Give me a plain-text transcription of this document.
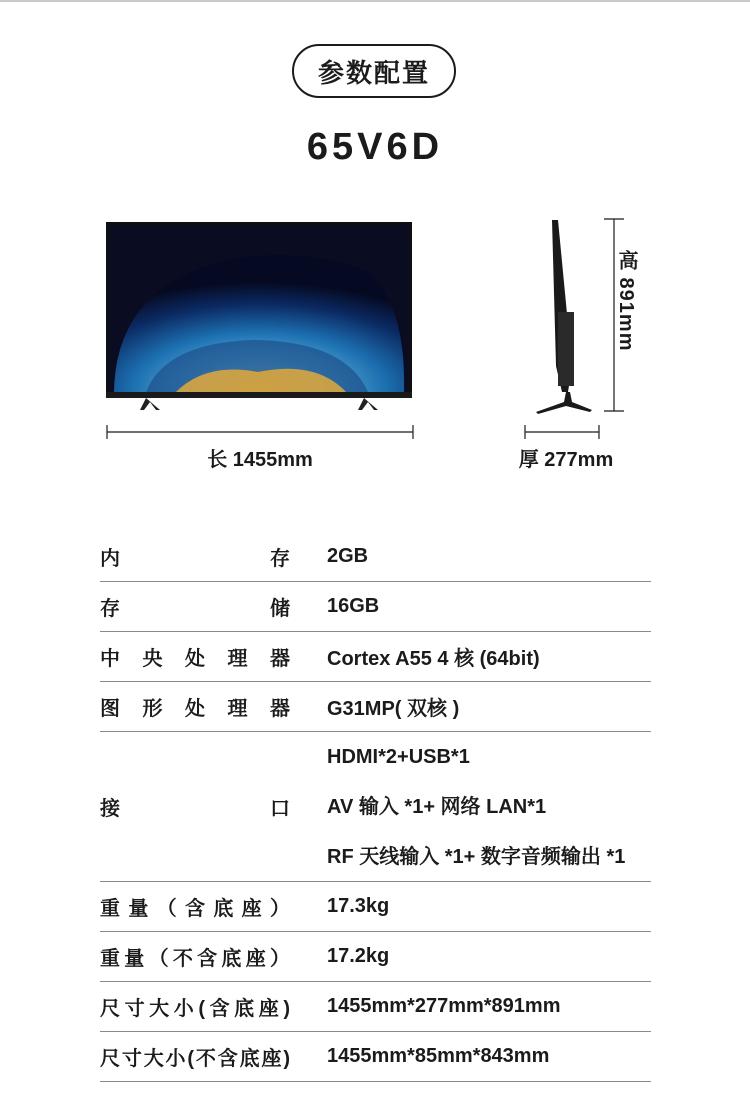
参数配置
65V6D
高 891mm
长 1455mm	厚 277mm
内存 2GB
存储 16GB
中央处理器 Cortex A55 4 核 (64bit)
图形处理器 G31MP( 双核 )
接口
HDMI*2+USB*1
AV 输入 *1+ 网络 LAN*1
RF 天线输入 *1+ 数字音频输出 *1
重量（含底座） 17.3kg
重量（不含底座） 17.2kg
尺寸大小(含底座) 1455mm*277mm*891mm
尺寸大小(不含底座) 1455mm*85mm*843mm
